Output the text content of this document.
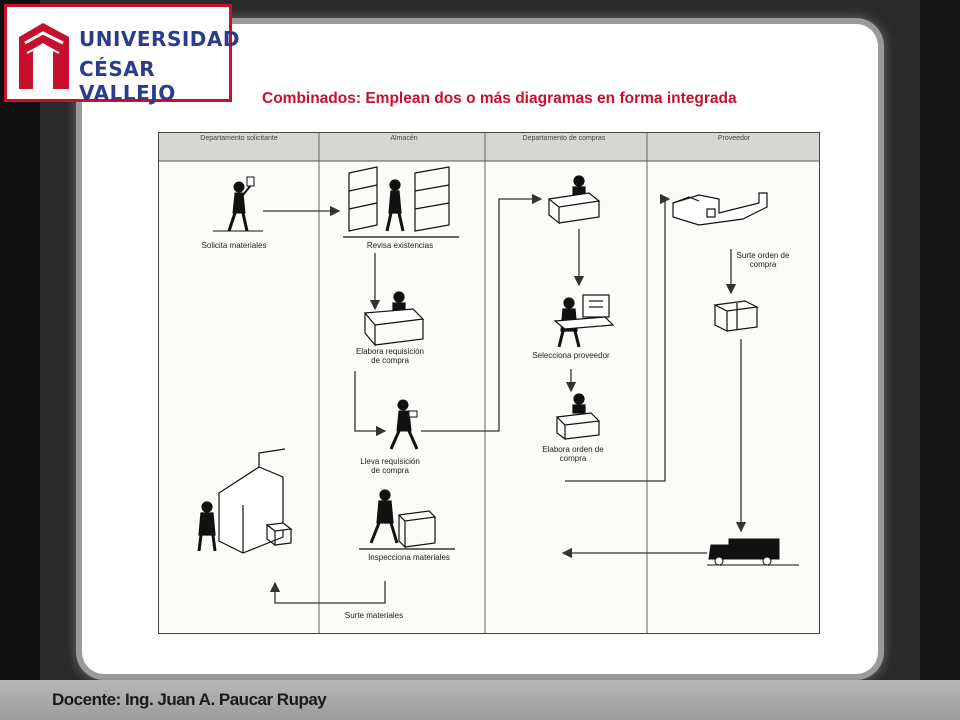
UNIVERSIDAD
CÉSAR VALLEJO	Combinados: Emplean dos o más diagramas en forma integrada
Departamento solicitante	Almacén	Departamento de compras	Proveedor
Solicita materiales	Revisa existencias
Elabora requisición de compra
Lleva requisición de compra
Inspecciona materiales
Selecciona proveedor
Elabora orden de compra
Surte orden de compra
Surte materiales
Docente: Ing. Juan A. Paucar Rupay
